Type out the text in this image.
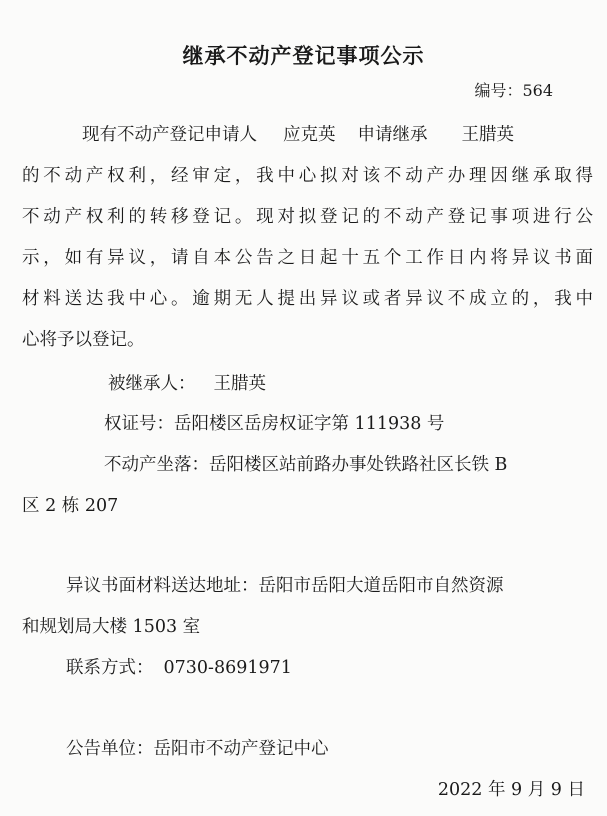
继承不动产登记事项公示
编号：564
现有不动产登记申请人 应克英 申请继承 王腊英
的不动产权利，经审定，我中心拟对该不动产办理因继承取得
不动产权利的转移登记。现对拟登记的不动产登记事项进行公
示，如有异议，请自本公告之日起十五个工作日内将异议书面
材料送达我中心。逾期无人提出异议或者异议不成立的，我中
心将予以登记。
被继承人： 王腊英
权证号：岳阳楼区岳房权证字第 111938 号
不动产坐落：岳阳楼区站前路办事处铁路社区长铁 B
区 2 栋 207
异议书面材料送达地址：岳阳市岳阳大道岳阳市自然资源
和规划局大楼 1503 室
联系方式： 0730-8691971
公告单位：岳阳市不动产登记中心
2022 年 9 月 9 日
